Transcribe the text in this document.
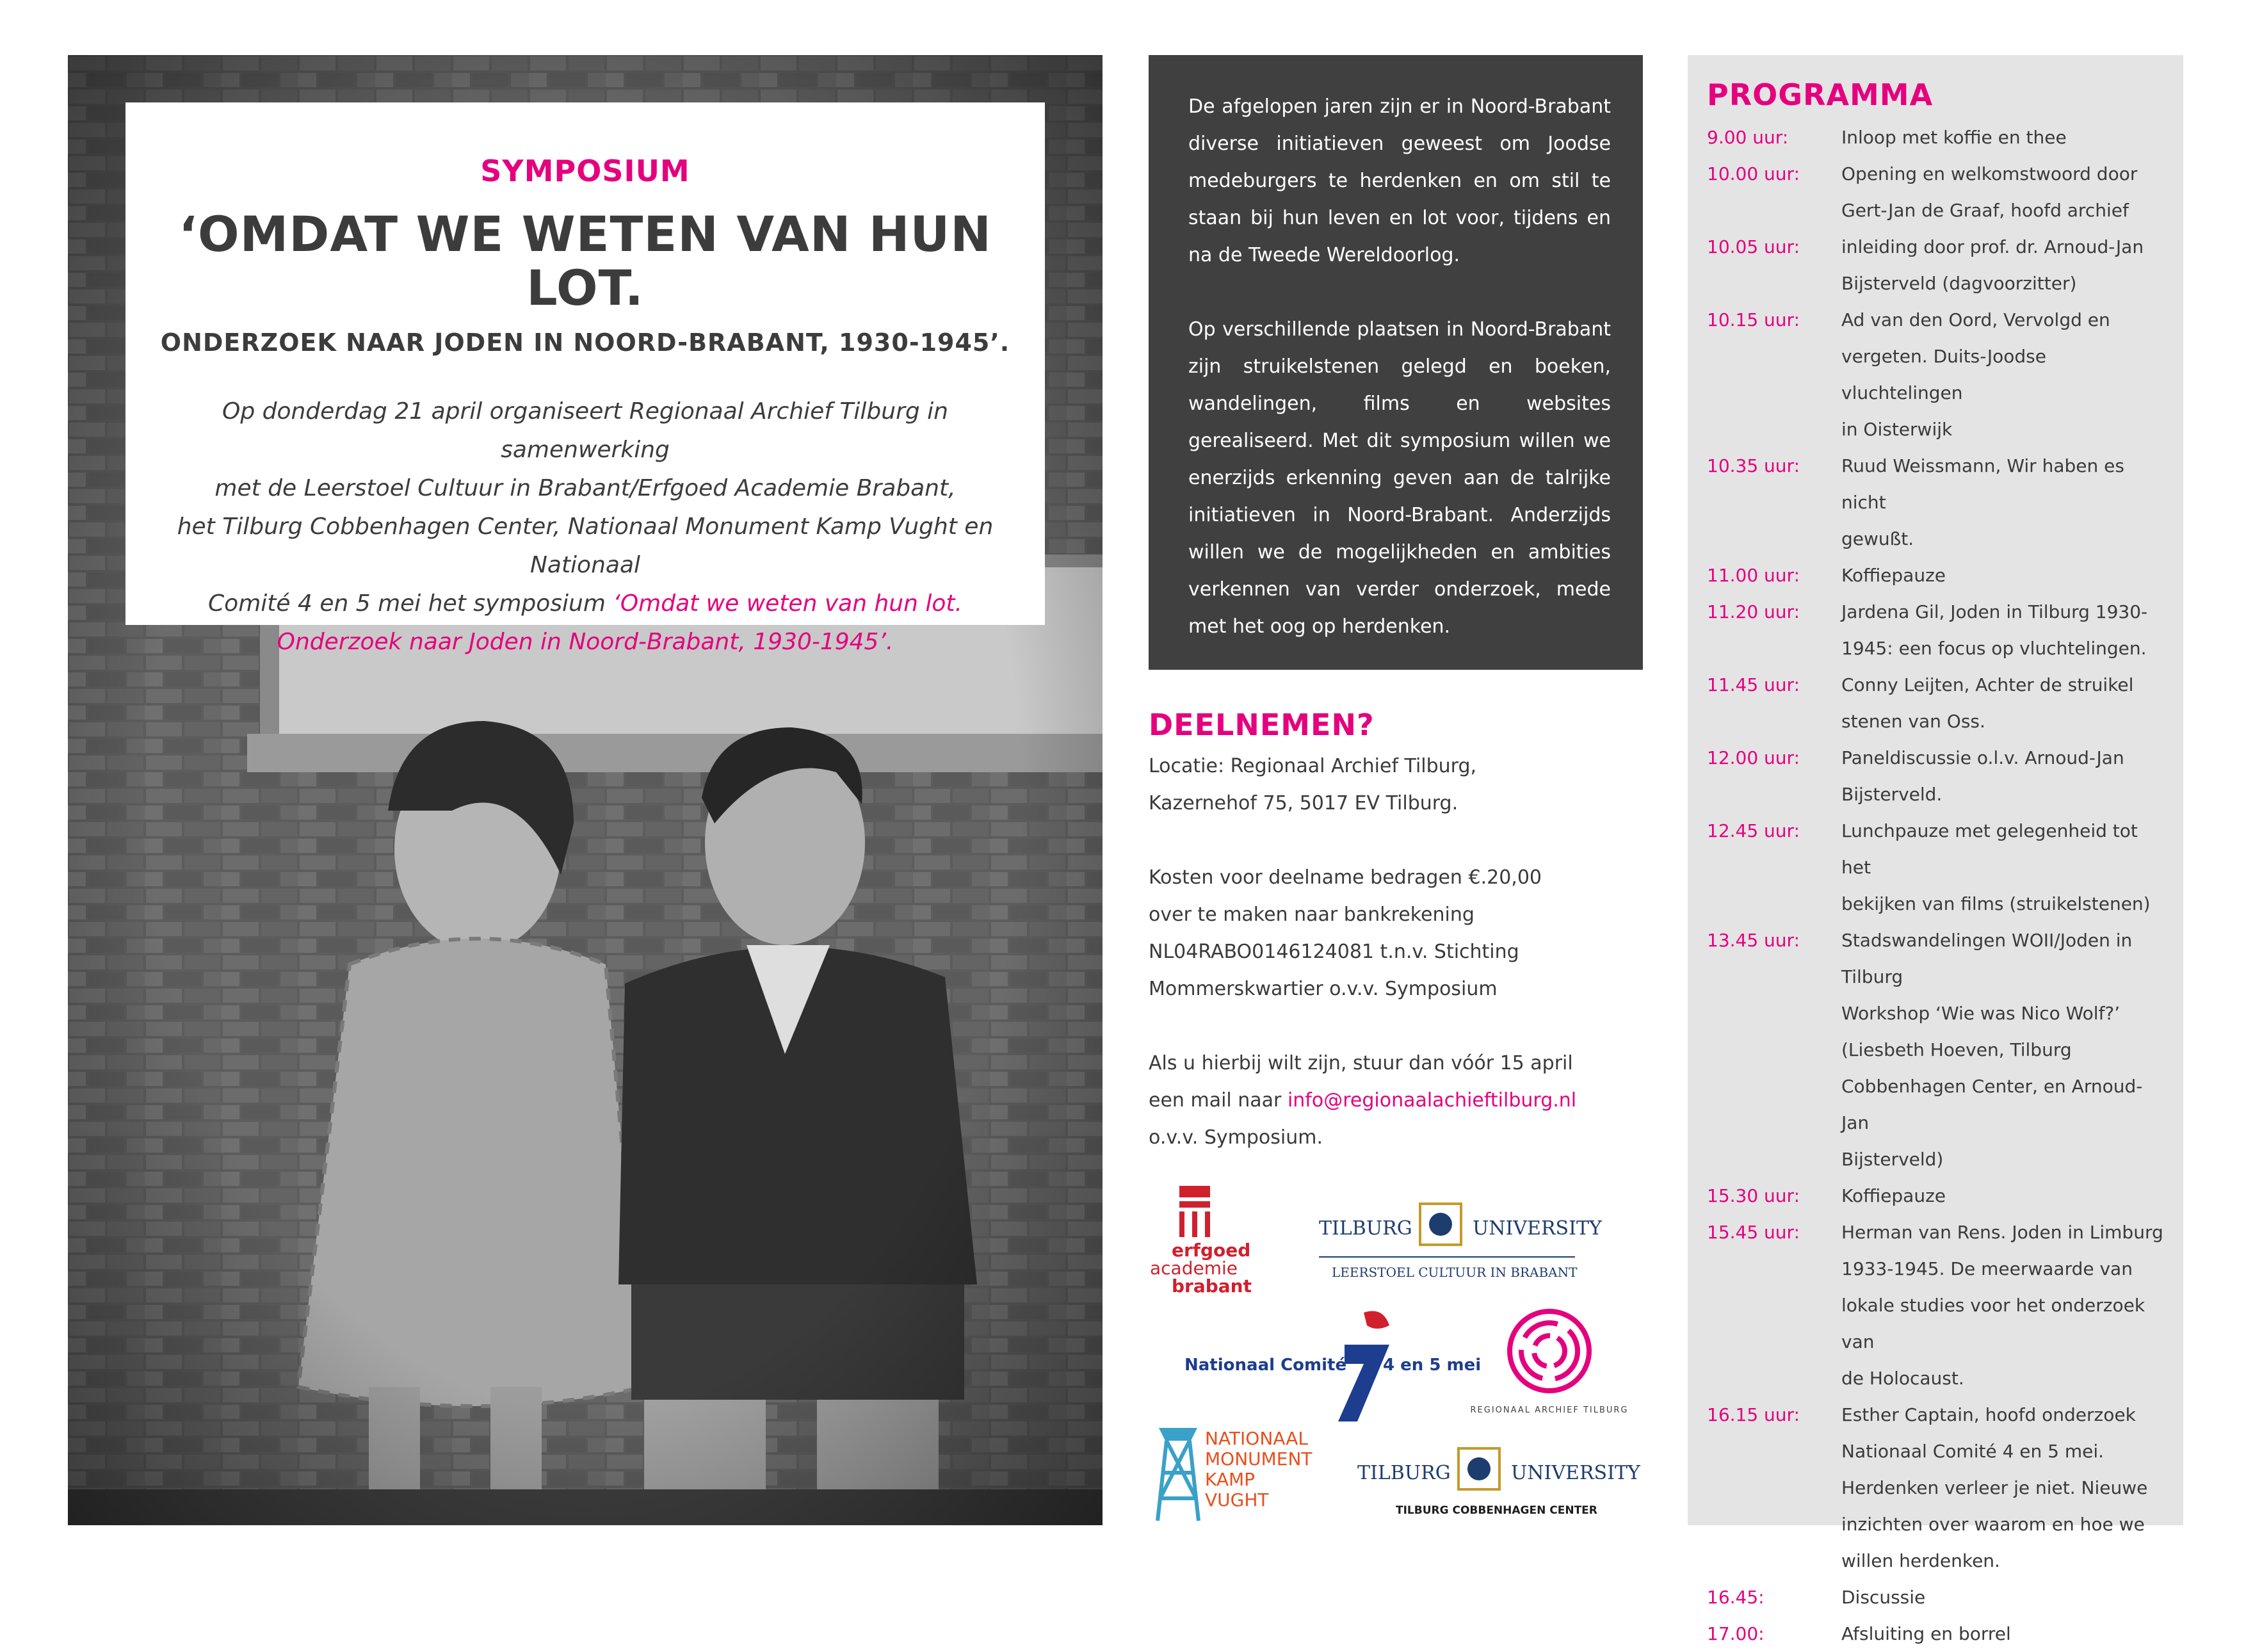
SYMPOSIUM
‘OMDAT WE WETEN VAN HUN LOT.
ONDERZOEK NAAR JODEN IN NOORD-BRABANT, 1930-1945’.
Op donderdag 21 april organiseert Regionaal Archief Tilburg in samenwerking
met de Leerstoel Cultuur in Brabant/Erfgoed Academie Brabant,
het Tilburg Cobbenhagen Center, Nationaal Monument Kamp Vught en Nationaal
Comité 4 en 5 mei het symposium ‘Omdat we weten van hun lot.
Onderzoek naar Joden in Noord-Brabant, 1930-1945’.

De afgelopen jaren zijn er in Noord-Brabant diverse initiatieven geweest om Joodse medeburgers te herdenken en om stil te staan bij hun leven en lot voor, tijdens en na de Tweede Wereldoorlog.

Op verschillende plaatsen in Noord-Brabant zijn struikelstenen gelegd en boeken, wandelingen, films en websites gerealiseerd. Met dit symposium willen we enerzijds erkenning geven aan de talrijke initiatieven in Noord-Brabant. Anderzijds willen we de mogelijkheden en ambities verkennen van verder onderzoek, mede met het oog op herdenken.

DEELNEMEN?

Locatie: Regionaal Archief Tilburg,
Kazernehof 75, 5017 EV Tilburg.

Kosten voor deelname bedragen €.20,00
over te maken naar bankrekening
NL04RABO0146124081 t.n.v. Stichting
Mommerskwartier o.v.v. Symposium

Als u hierbij wilt zijn, stuur dan vóór 15 april
een mail naar info@regionaalachieftilburg.nl
o.v.v. Symposium.

erfgoed
academie
brabant
TILBURG	UNIVERSITY
LEERSTOEL CULTUUR IN BRABANT
Nationaal Comité 4 en 5 mei
REGIONAAL ARCHIEF TILBURG
NATIONAAL
MONUMENT
KAMP
VUGHT
TILBURG	UNIVERSITY
TILBURG COBBENHAGEN CENTER
PROGRAMMA
9.00 uur:	Inloop met koffie en thee
10.00 uur:	Opening en welkomstwoord door
Gert-Jan de Graaf, hoofd archief
10.05 uur:	inleiding door prof. dr. Arnoud-Jan
Bijsterveld (dagvoorzitter)
10.15 uur:	Ad van den Oord, Vervolgd en
vergeten. Duits-Joodse vluchtelingen
in Oisterwijk
10.35 uur:	Ruud Weissmann, Wir haben es nicht
gewußt.
11.00 uur:	Koffiepauze
11.20 uur:	Jardena Gil, Joden in Tilburg 1930-
1945: een focus op vluchtelingen.
11.45 uur:	Conny Leijten, Achter de struikel
stenen van Oss.
12.00 uur:	Paneldiscussie o.l.v. Arnoud-Jan
Bijsterveld.
12.45 uur:	Lunchpauze met gelegenheid tot het
bekijken van films (struikelstenen)
13.45 uur:	Stadswandelingen WOII/Joden in
Tilburg
Workshop ‘Wie was Nico Wolf?’
(Liesbeth Hoeven, Tilburg
Cobbenhagen Center, en Arnoud-Jan
Bijsterveld)
15.30 uur:	Koffiepauze
15.45 uur:	Herman van Rens. Joden in Limburg
1933-1945. De meerwaarde van
lokale studies voor het onderzoek van
de Holocaust.
16.15 uur:	Esther Captain, hoofd onderzoek
Nationaal Comité 4 en 5 mei.
Herdenken verleer je niet. Nieuwe
inzichten over waarom en hoe we
willen herdenken.
16.45:	Discussie
17.00:	Afsluiting en borrel
